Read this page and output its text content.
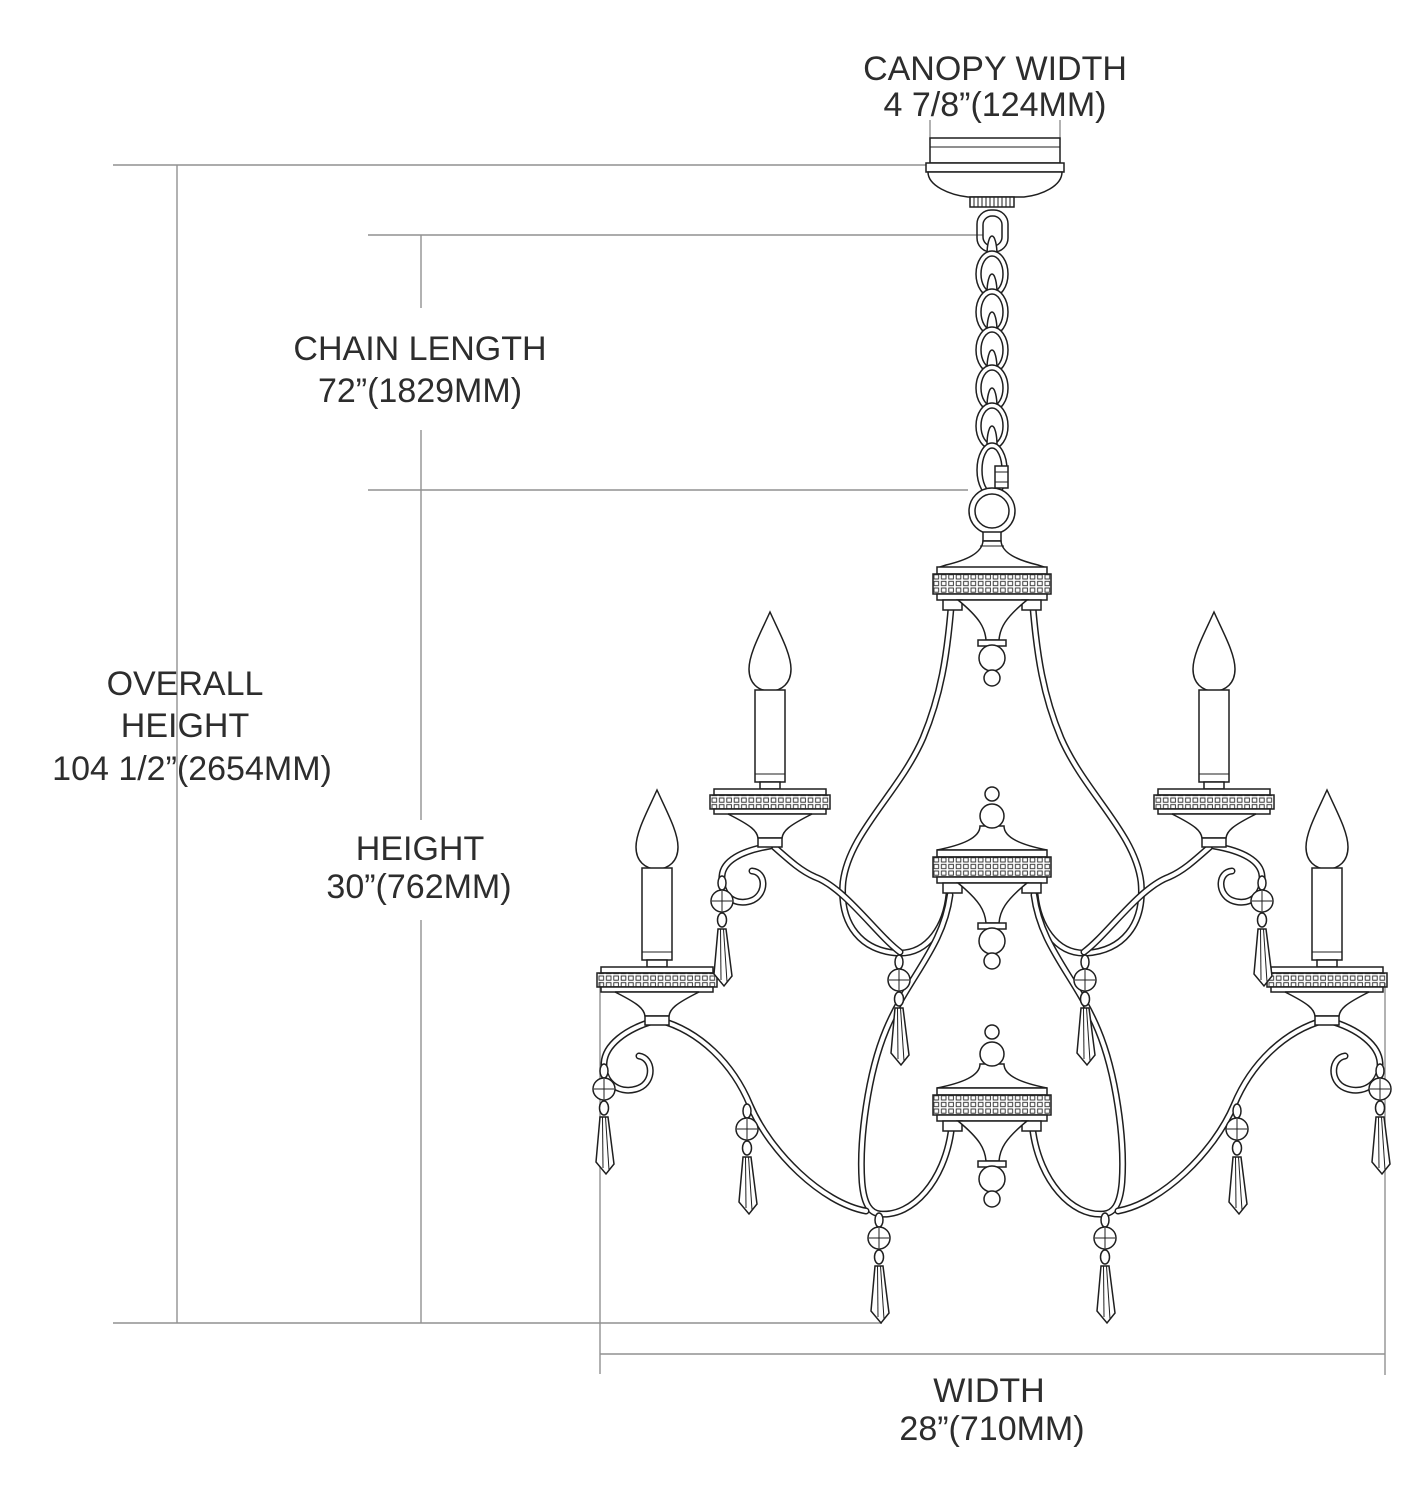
CANOPY WIDTH
4 7/8”(124MM)
CHAIN LENGTH
72”(1829MM)
OVERALL
HEIGHT
104 1/2”(2654MM)
HEIGHT
30”(762MM)
WIDTH
28”(710MM)
